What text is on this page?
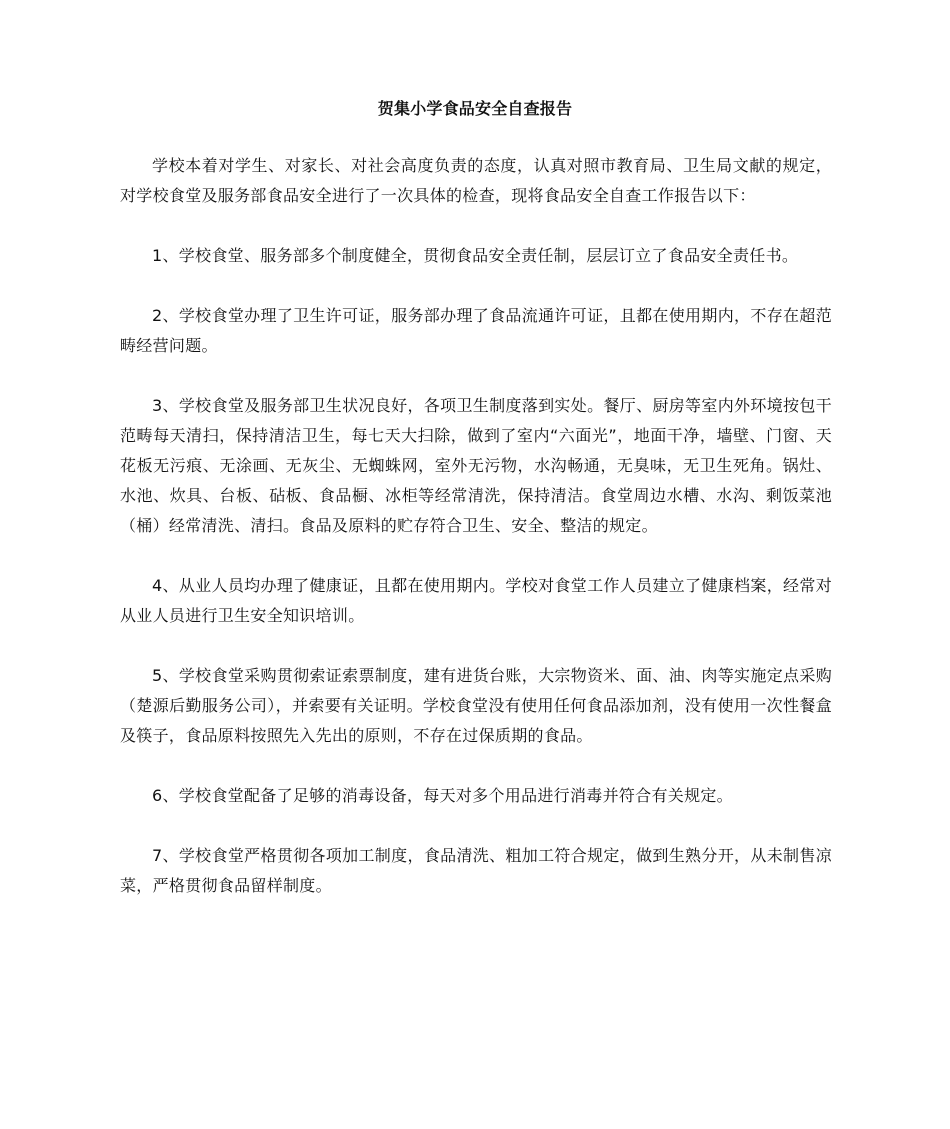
贺集小学食品安全自查报告

学校本着对学生、对家长、对社会高度负责的态度，认真对照市教育局、卫生局文献的规定，对学校食堂及服务部食品安全进行了一次具体的检查，现将食品安全自查工作报告以下：

1、学校食堂、服务部多个制度健全，贯彻食品安全责任制，层层订立了食品安全责任书。

2、学校食堂办理了卫生许可证，服务部办理了食品流通许可证，且都在使用期内，不存在超范畴经营问题。

3、学校食堂及服务部卫生状况良好，各项卫生制度落到实处。餐厅、厨房等室内外环境按包干范畴每天清扫，保持清洁卫生，每七天大扫除，做到了室内“六面光”，地面干净，墙壁、门窗、天花板无污痕、无涂画、无灰尘、无蜘蛛网，室外无污物，水沟畅通，无臭味，无卫生死角。锅灶、水池、炊具、台板、砧板、食品橱、冰柜等经常清洗，保持清洁。食堂周边水槽、水沟、剩饭菜池（桶）经常清洗、清扫。食品及原料的贮存符合卫生、安全、整洁的规定。

4、从业人员均办理了健康证，且都在使用期内。学校对食堂工作人员建立了健康档案，经常对从业人员进行卫生安全知识培训。

5、学校食堂采购贯彻索证索票制度，建有进货台账，大宗物资米、面、油、肉等实施定点采购（楚源后勤服务公司），并索要有关证明。学校食堂没有使用任何食品添加剂，没有使用一次性餐盒及筷子，食品原料按照先入先出的原则，不存在过保质期的食品。

6、学校食堂配备了足够的消毒设备，每天对多个用品进行消毒并符合有关规定。

7、学校食堂严格贯彻各项加工制度，食品清洗、粗加工符合规定，做到生熟分开，从未制售凉菜，严格贯彻食品留样制度。
